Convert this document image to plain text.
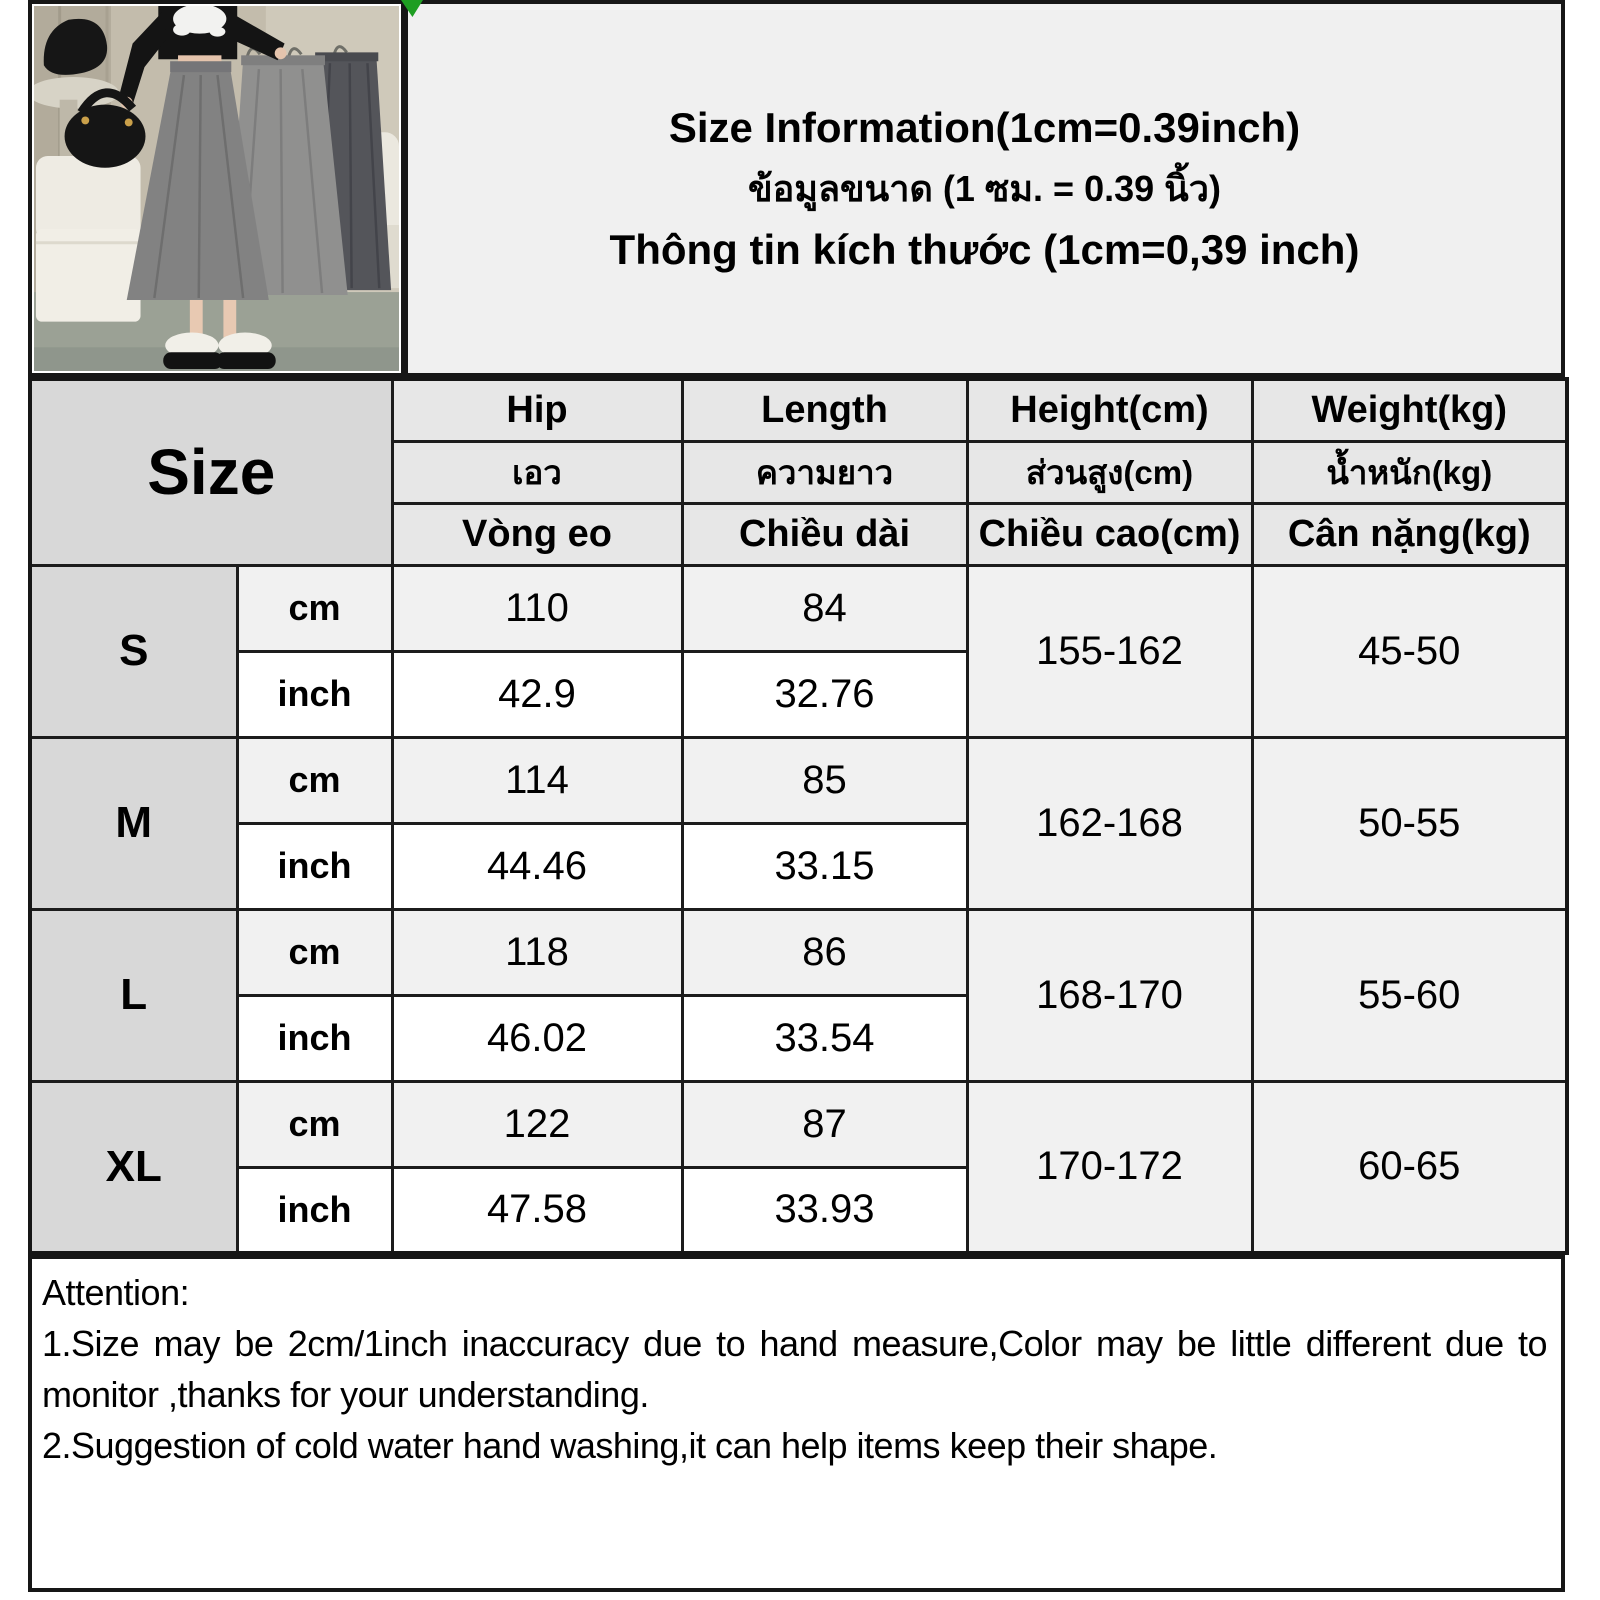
Size Information(1cm=0.39inch)
ข้อมูลขนาด (1 ซม. = 0.39 นิ้ว)
Thông tin kích thước (1cm=0,39 inch)
Size		Hip	Length	Height(cm)	Weight(kg)
		เอว	ความยาว	ส่วนสูง(cm)	น้ำหนัก(kg)
		Vòng eo	Chiều dài	Chiều cao(cm)	Cân nặng(kg)
S	cm	110	84	155-162	45-50
	inch	42.9	32.76		
M	cm	114	85	162-168	50-55
	inch	44.46	33.15		
L	cm	118	86	168-170	55-60
	inch	46.02	33.54		
XL	cm	122	87	170-172	60-65
	inch	47.58	33.93		
Attention:
1.Size may be 2cm/1inch inaccuracy due to hand measure,Color may be little different due to monitor ,thanks for your understanding.
2.Suggestion of cold water hand washing,it can help items keep their shape.
